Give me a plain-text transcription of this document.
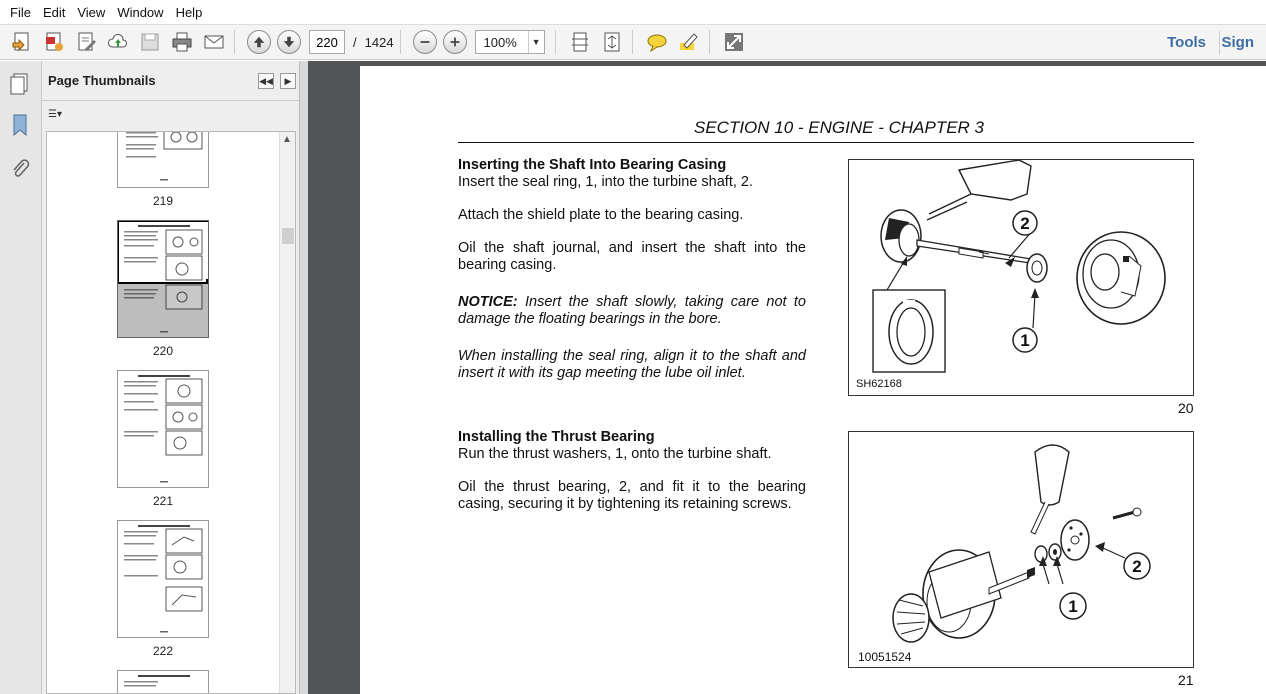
File Edit View Window Help
220
/ 1424	100%	▼	Tools Sign
Page Thumbnails	◀◀	▶
☰▾
219
220
221
222
▲
SECTION 10 - ENGINE - CHAPTER 3
Inserting the Shaft Into Bearing Casing

Insert the seal ring, 1, into the turbine shaft, 2.

Attach the shield plate to the bearing casing.

Oil the shaft journal, and insert the shaft into the bearing casing.

NOTICE: Insert the shaft slowly, taking care not to damage the floating bearings in the bore.

When installing the seal ring, align it to the shaft and insert it with its gap meeting the lube oil inlet.

2
1
SH62168
20
Installing the Thrust Bearing

Run the thrust washers, 1, onto the turbine shaft.

Oil the thrust bearing, 2, and fit it to the bearing casing, securing it by tightening its retaining screws.

1
2
10051524
21
